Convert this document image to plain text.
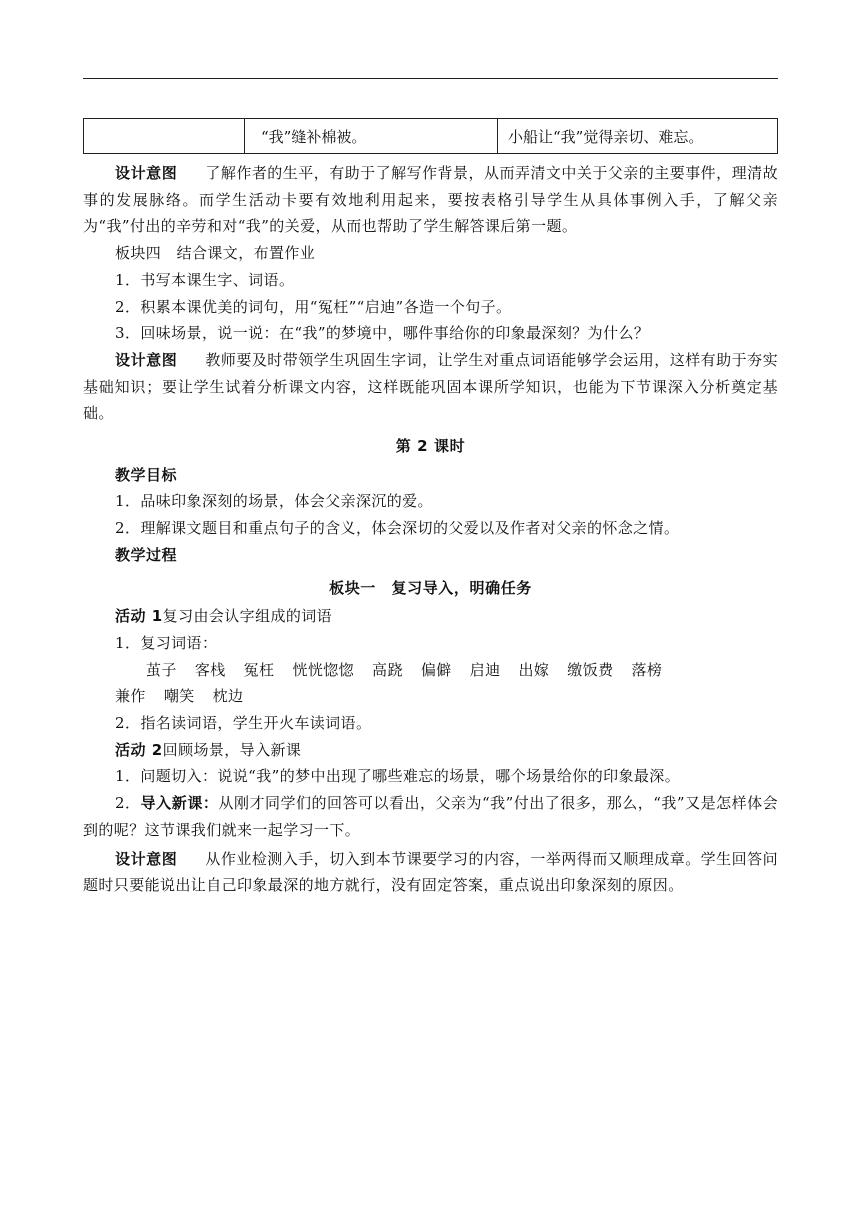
	“我”缝补棉被。	小船让“我”觉得亲切、难忘。

设计意图 了解作者的生平，有助于了解写作背景，从而弄清文中关于父亲的主要事件，理清故事的发展脉络。而学生活动卡要有效地利用起来，要按表格引导学生从具体事例入手，了解父亲为“我”付出的辛劳和对“我”的关爱，从而也帮助了学生解答课后第一题。

板块四　结合课文，布置作业

1．书写本课生字、词语。

2．积累本课优美的词句，用“冤枉”“启迪”各造一个句子。

3．回味场景，说一说：在“我”的梦境中，哪件事给你的印象最深刻？为什么？

设计意图 教师要及时带领学生巩固生字词，让学生对重点词语能够学会运用，这样有助于夯实基础知识；要让学生试着分析课文内容，这样既能巩固本课所学知识，也能为下节课深入分析奠定基础。

第 2 课时

教学目标

1．品味印象深刻的场景，体会父亲深沉的爱。

2．理解课文题目和重点句子的含义，体会深切的父爱以及作者对父亲的怀念之情。

教学过程

板块一　复习导入，明确任务

活动 1复习由会认字组成的词语

1．复习词语：

茧子 客栈 冤枉 恍恍惚惚 高跷 偏僻 启迪 出嫁 缴饭费 落榜

兼作 嘲笑 枕边

2．指名读词语，学生开火车读词语。

活动 2回顾场景，导入新课

1．问题切入：说说“我”的梦中出现了哪些难忘的场景，哪个场景给你的印象最深。

2．导入新课：从刚才同学们的回答可以看出，父亲为“我”付出了很多，那么，“我”又是怎样体会到的呢？这节课我们就来一起学习一下。

设计意图 从作业检测入手，切入到本节课要学习的内容，一举两得而又顺理成章。学生回答问题时只要能说出让自己印象最深的地方就行，没有固定答案，重点说出印象深刻的原因。
